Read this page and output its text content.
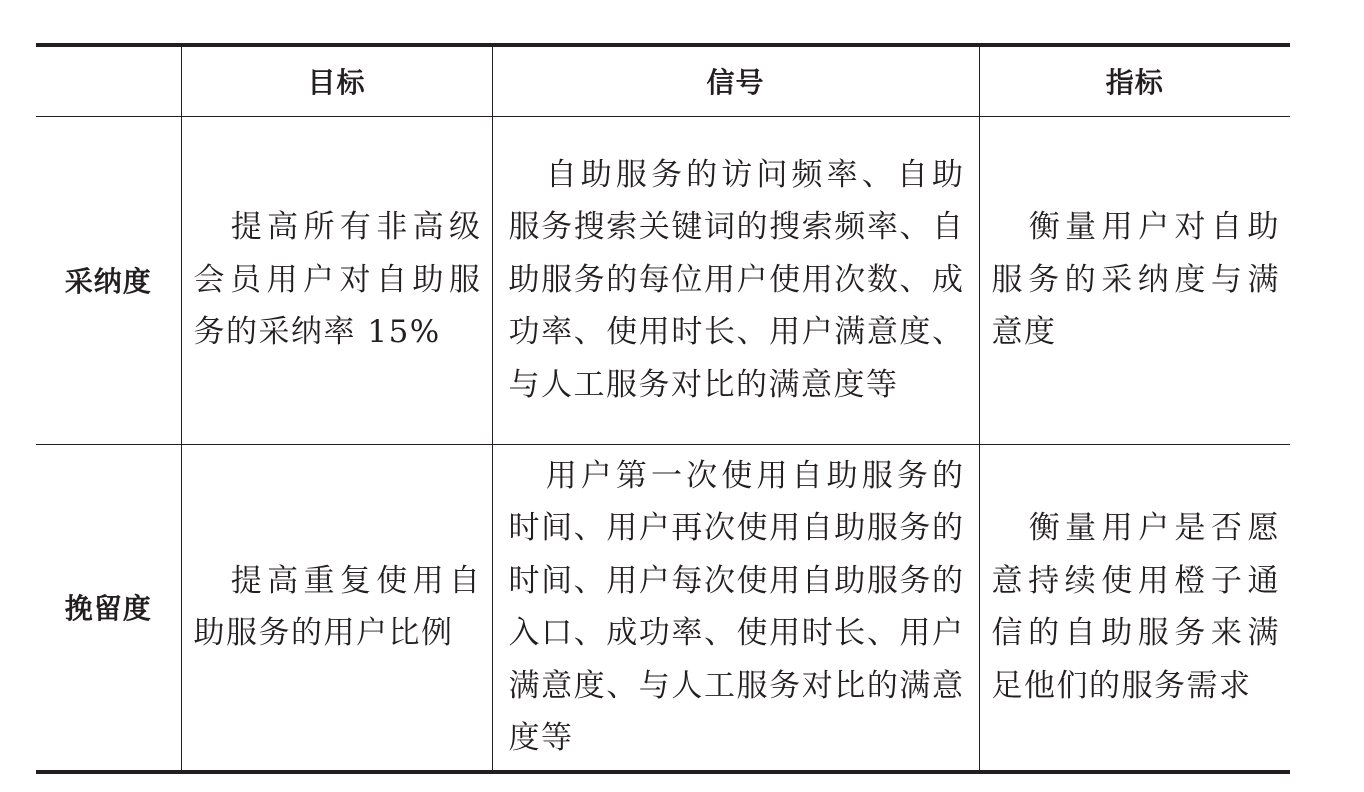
	目标	信号	指标
采纳度	提高所有非高级会员用户对自助服务的采纳率 15%	自助服务的访问频率、自助服务搜索关键词的搜索频率、自助服务的每位用户使用次数、成功率、使用时长、用户满意度、与人工服务对比的满意度等	衡量用户对自助服务的采纳度与满意度
挽留度	提高重复使用自助服务的用户比例	用户第一次使用自助服务的时间、用户再次使用自助服务的时间、用户每次使用自助服务的入口、成功率、使用时长、用户满意度、与人工服务对比的满意度等	衡量用户是否愿意持续使用橙子通信的自助服务来满足他们的服务需求
